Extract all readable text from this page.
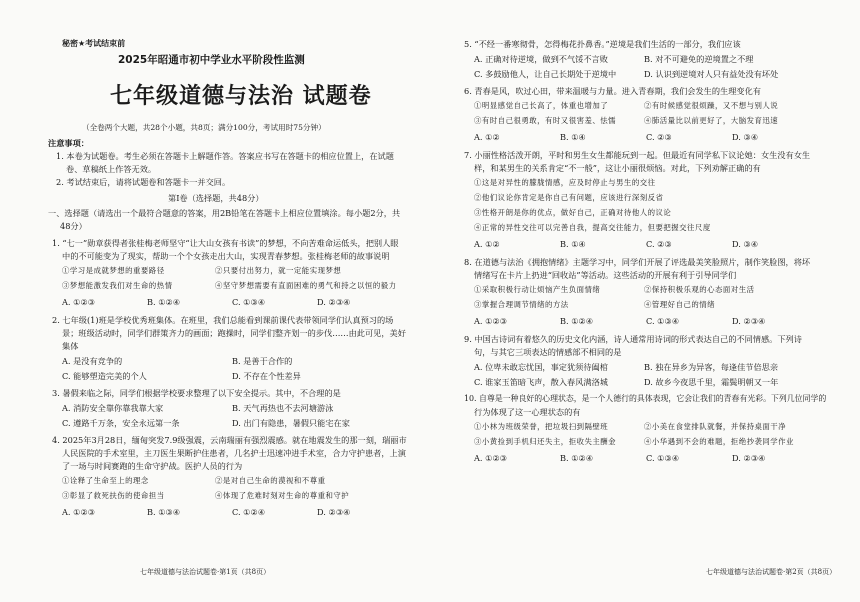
秘密★考试结束前
2025年昭通市初中学业水平阶段性监测
七年级道德与法治 试题卷
（全卷两个大题，共28个小题，共8页；满分100分，考试用时75分钟）
注意事项：
1. 本卷为试题卷。考生必须在答题卡上解题作答。答案应书写在答题卡的相应位置上，在试题
卷、草稿纸上作答无效。
2. 考试结束后，请将试题卷和答题卡一并交回。
第Ⅰ卷（选择题，共48分）
一、选择题（请选出一个最符合题意的答案，用2B铅笔在答题卡上相应位置填涂。每小题2分，共
48分）
1. “七一”勋章获得者张桂梅老师坚守“让大山女孩有书读”的梦想，不向苦难命运低头，把别人眼
中的不可能变为了现实，帮助一个个女孩走出大山，实现青春梦想。张桂梅老师的故事说明
①学习是成就梦想的重要路径	②只要付出努力，就一定能实现梦想
③梦想能激发我们对生命的热情	④坚守梦想需要有直面困难的勇气和持之以恒的毅力
A. ①②③	B. ①②④	C. ①③④	D. ②③④
2. 七年级(1)班是学校优秀班集体。在班里，我们总能看到课前课代表带领同学们认真预习的场
景；班级活动时，同学们群策齐力的画面；跑操时，同学们整齐划一的步伐……由此可见，美好
集体
A. 是没有竞争的	B. 是善于合作的
C. 能够塑造完美的个人	D. 不存在个性差异
3. 暑假来临之际，同学们根据学校要求整理了以下安全提示。其中，不合理的是
A. 消防安全靠你靠我靠大家	B. 天气再热也不去河塘游泳
C. 遵路千万条，安全永远第一条	D. 出门有隐患，暑假只能宅在家
4. 2025年3月28日，缅甸突发7.9级强震，云南瑞丽有强烈震感。就在地震发生的那一刻，瑞丽市
人民医院的手术室里，主刀医生果断护住患者，几名护士迅速冲进手术室，合力守护患者，上演
了一场与时间赛跑的生命守护战。医护人员的行为
①诠释了生命至上的理念	②是对自己生命的漠视和不尊重
③彰显了救死扶伤的使命担当	④体现了危难时刻对生命的尊重和守护
A. ①②③	B. ①③④	C. ①②④	D. ②③④
七年级道德与法治试题卷·第1页（共8页）
5. “不经一番寒彻骨，怎得梅花扑鼻香。”逆境是我们生活的一部分，我们应该
A. 正确对待逆境，做到不气馁不言败	B. 对不可避免的逆境置之不理
C. 多鼓励他人，让自己长期处于逆境中	D. 认识到逆境对人只有益处没有坏处
6. 青春是风，吹过心田，带来温暖与力量。进入青春期，我们会发生的生理变化有
①明显感觉自己长高了，体重也增加了	②有时候感觉很烦躁，又不想与别人说
③有时自己很勇敢，有时又很害羞、怯懦	④肺活量比以前更好了，大脑发育迅速
A. ①②	B. ①④	C. ②③	D. ③④
7. 小丽性格活泼开朗，平时和男生女生都能玩到一起。但最近有同学私下议论她：女生没有女生
样，和某男生的关系肯定“不一般”，这让小丽很烦恼。对此，下列劝解正确的有
①这是对异性的朦胧情感，应及时停止与男生的交往
②他们议论你肯定是你自己有问题，应该进行深刻反省
③性格开朗是你的优点，做好自己，正确对待他人的议论
④正常的异性交往可以完善自我，提高交往能力，但要把握交往尺度
A. ①②	B. ①④	C. ②③	D. ③④
8. 在道德与法治《拥抱情绪》主题学习中，同学们开展了评选最美笑脸照片，制作笑脸图，将坏
情绪写在卡片上扔进“回收站”等活动。这些活动的开展有利于引导同学们
①采取积极行动让烦恼产生负面情绪	②保持积极乐观的心态面对生活
③掌握合理调节情绪的方法	④管理好自己的情绪
A. ①②③	B. ①②④	C. ①③④	D. ②③④
9. 中国古诗词有着悠久的历史文化内涵，诗人通常用诗词的形式表达自己的不同情感。下列诗
句，与其它三项表达的情感部不相同的是
A. 位卑未敢忘忧国，事定犹须待阖棺	B. 独在异乡为异客，每逢佳节倍思亲
C. 谁家玉笛暗飞声，散入春风满洛城	D. 故乡今夜思千里，霜鬓明朝又一年
10. 自尊是一种良好的心理状态，是一个人德行的具体表现，它会让我们的青春有光彩。下列几位同学的
行为体现了这一心理状态的有
①小林为班级荣誉，把垃圾扫到隔壁班	②小美在食堂排队就餐，并保持桌面干净
③小黄捡到手机归还失主，拒收失主酬金	④小华遇到不会的难题，拒绝抄袭同学作业
A. ①②③	B. ①②④	C. ①③④	D. ②③④
七年级道德与法治试题卷·第2页（共8页）
